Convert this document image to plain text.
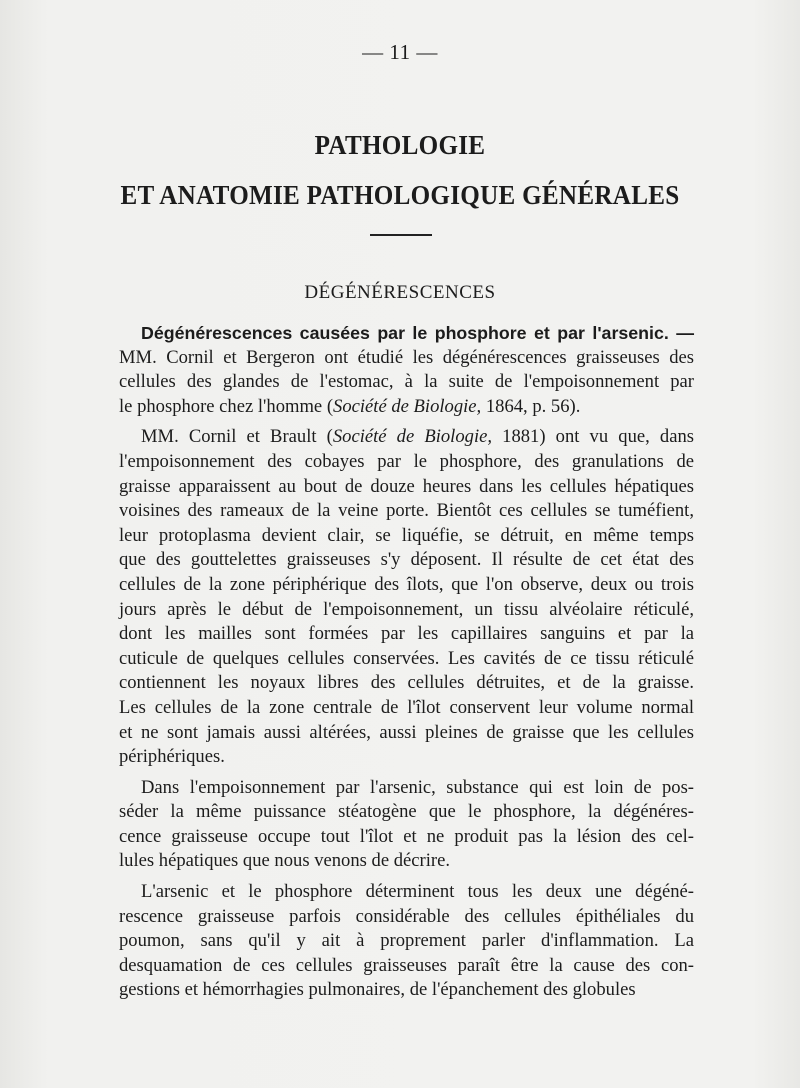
— 11 —
PATHOLOGIE
ET ANATOMIE PATHOLOGIQUE GÉNÉRALES
DÉGÉNÉRESCENCES
Dégénérescences causées par le phosphore et par l'arsenic. —
MM. Cornil et Bergeron ont étudié les dégénérescences graisseuses des
cellules des glandes de l'estomac, à la suite de l'empoisonnement par
le phosphore chez l'homme (Société de Biologie, 1864, p. 56).
MM. Cornil et Brault (Société de Biologie, 1881) ont vu que, dans
l'empoisonnement des cobayes par le phosphore, des granulations de
graisse apparaissent au bout de douze heures dans les cellules hépatiques
voisines des rameaux de la veine porte. Bientôt ces cellules se tuméfient,
leur protoplasma devient clair, se liquéfie, se détruit, en même temps
que des gouttelettes graisseuses s'y déposent. Il résulte de cet état des
cellules de la zone périphérique des îlots, que l'on observe, deux ou trois
jours après le début de l'empoisonnement, un tissu alvéolaire réticulé,
dont les mailles sont formées par les capillaires sanguins et par la
cuticule de quelques cellules conservées. Les cavités de ce tissu réticulé
contiennent les noyaux libres des cellules détruites, et de la graisse.
Les cellules de la zone centrale de l'îlot conservent leur volume normal
et ne sont jamais aussi altérées, aussi pleines de graisse que les cellules
périphériques.
Dans l'empoisonnement par l'arsenic, substance qui est loin de pos-
séder la même puissance stéatogène que le phosphore, la dégénéres-
cence graisseuse occupe tout l'îlot et ne produit pas la lésion des cel-
lules hépatiques que nous venons de décrire.
L'arsenic et le phosphore déterminent tous les deux une dégéné-
rescence graisseuse parfois considérable des cellules épithéliales du
poumon, sans qu'il y ait à proprement parler d'inflammation. La
desquamation de ces cellules graisseuses paraît être la cause des con-
gestions et hémorrhagies pulmonaires, de l'épanchement des globules
